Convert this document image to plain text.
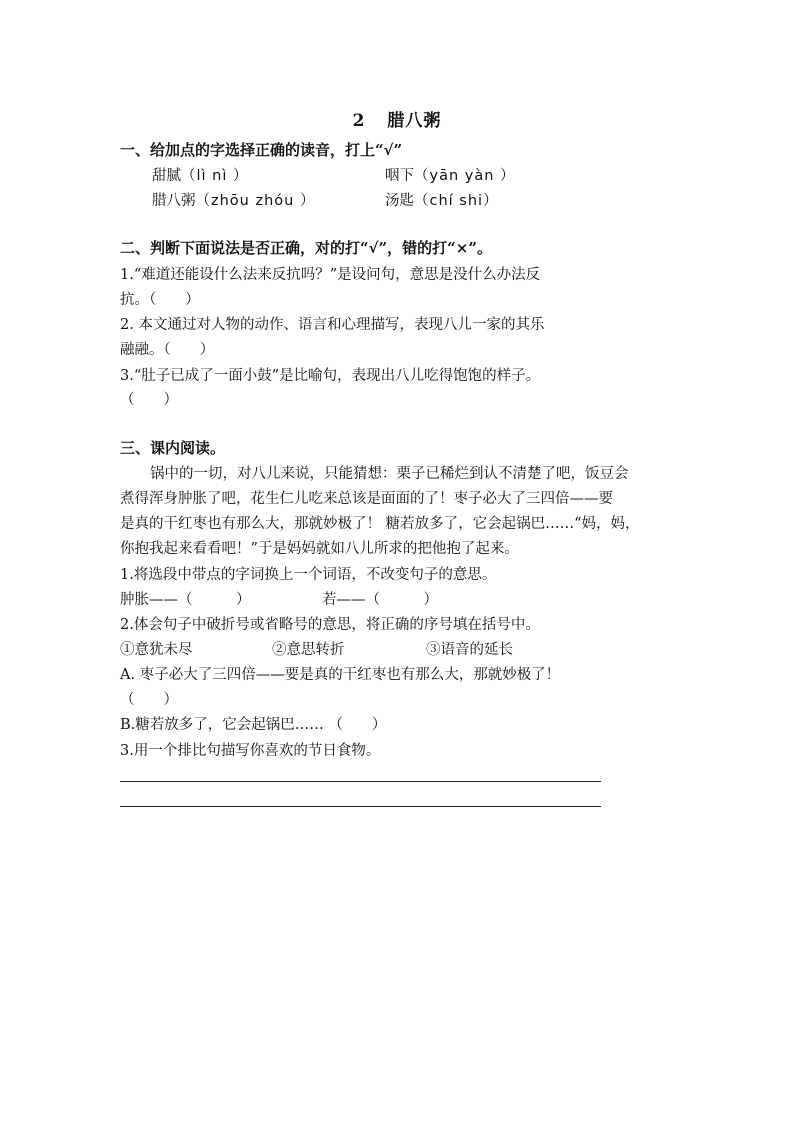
2 腊八粥
一、给加点的字选择正确的读音，打上“√”
甜腻（lì nì ）	咽下（yān yàn ）
腊八粥（zhōu zhóu ）	汤匙（chí shi）
二、判断下面说法是否正确，对的打“√”，错的打“×”。
1.“难道还能设什么法来反抗吗？”是设问句，意思是没什么办法反
抗。（　　）
2. 本文通过对人物的动作、语言和心理描写，表现八儿一家的其乐
融融。（　　）
3.“肚子已成了一面小鼓”是比喻句，表现出八儿吃得饱饱的样子。
（　　）
三、课内阅读。
锅中的一切，对八儿来说，只能猜想：栗子已稀烂到认不清楚了吧，饭豆会
煮得浑身肿胀了吧，花生仁儿吃来总该是面面的了！枣子必大了三四倍——要
是真的干红枣也有那么大，那就妙极了！ 糖若放多了，它会起锅巴……“妈，妈，
你抱我起来看看吧！”于是妈妈就如八儿所求的把他抱了起来。
1.将选段中带点的字词换上一个词语，不改变句子的意思。
肿胀——（　　　）	若——（　　　）
2.体会句子中破折号或省略号的意思，将正确的序号填在括号中。
①意犹未尽	②意思转折	③语音的延长
A. 枣子必大了三四倍——要是真的干红枣也有那么大，那就妙极了！
（　　）
B.糖若放多了，它会起锅巴…… （　　）
3.用一个排比句描写你喜欢的节日食物。
